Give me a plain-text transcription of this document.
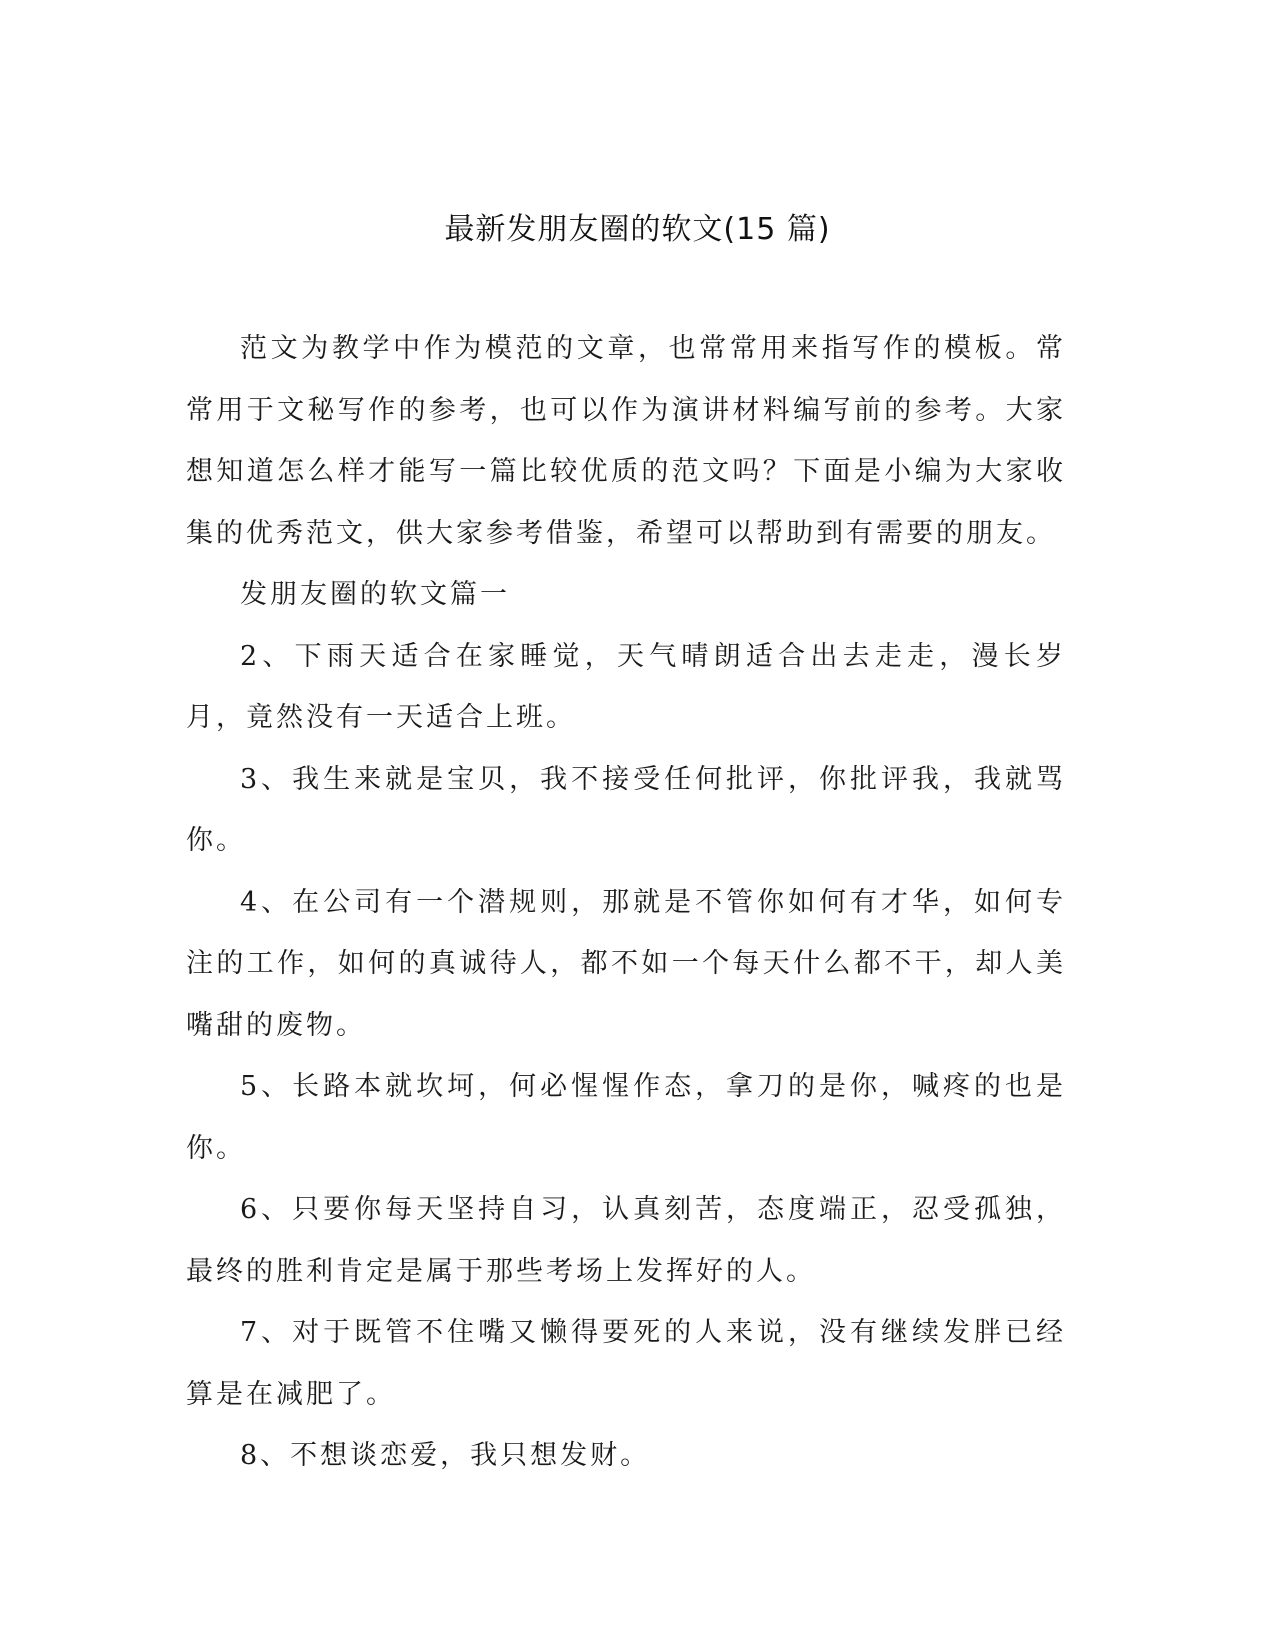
最新发朋友圈的软文(15 篇)

范文为教学中作为模范的文章，也常常用来指写作的模板。常常用于文秘写作的参考，也可以作为演讲材料编写前的参考。大家想知道怎么样才能写一篇比较优质的范文吗？下面是小编为大家收集的优秀范文，供大家参考借鉴，希望可以帮助到有需要的朋友。

发朋友圈的软文篇一

2、下雨天适合在家睡觉，天气晴朗适合出去走走，漫长岁月，竟然没有一天适合上班。

3、我生来就是宝贝，我不接受任何批评，你批评我，我就骂你。

4、在公司有一个潜规则，那就是不管你如何有才华，如何专注的工作，如何的真诚待人，都不如一个每天什么都不干，却人美嘴甜的废物。

5、长路本就坎坷，何必惺惺作态，拿刀的是你，喊疼的也是你。

6、只要你每天坚持自习，认真刻苦，态度端正，忍受孤独，最终的胜利肯定是属于那些考场上发挥好的人。

7、对于既管不住嘴又懒得要死的人来说，没有继续发胖已经算是在减肥了。

8、不想谈恋爱，我只想发财。
